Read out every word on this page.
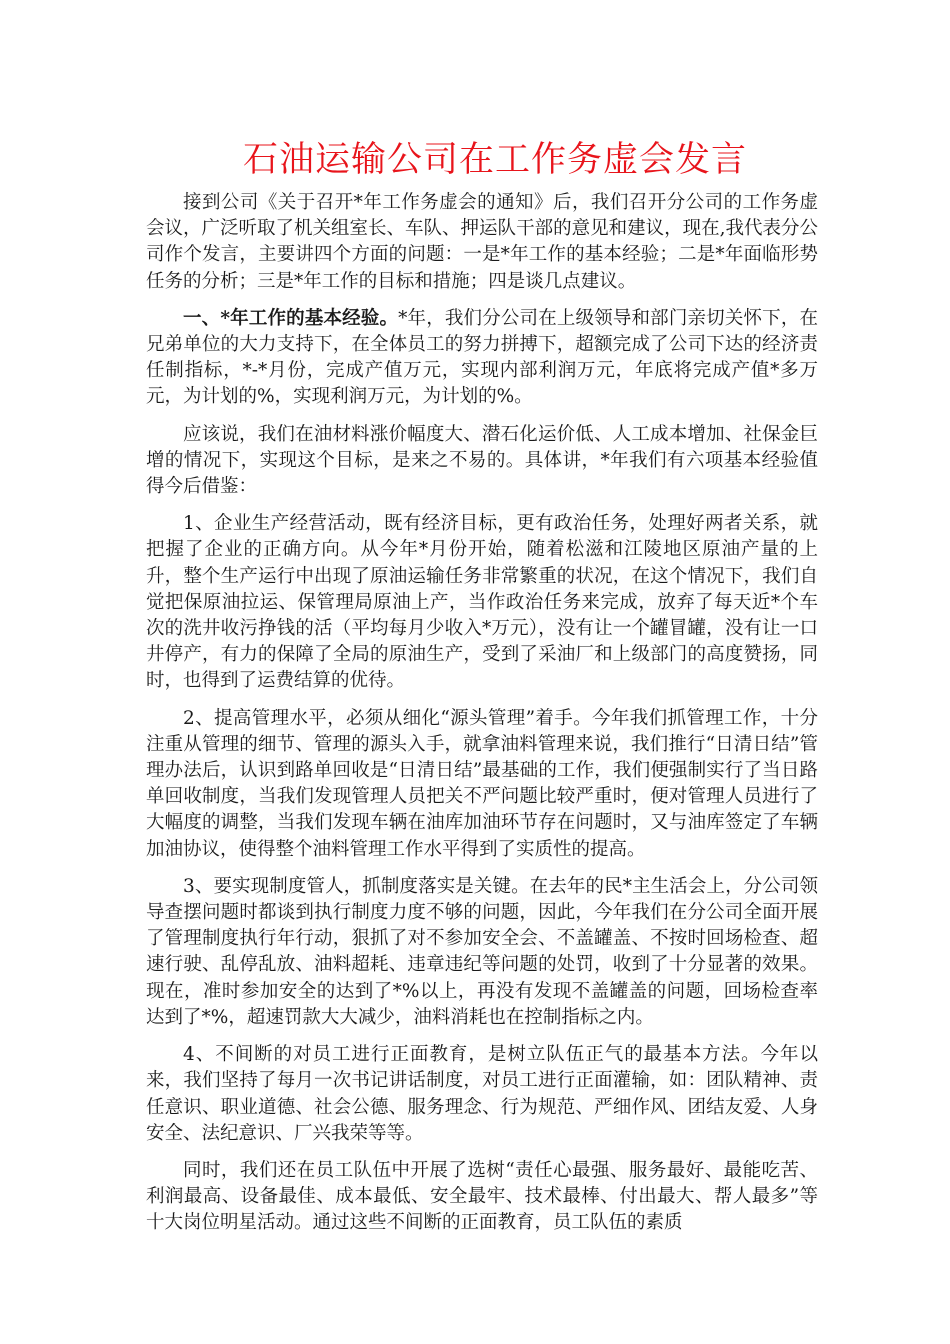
石油运输公司在工作务虚会发言

接到公司《关于召开*年工作务虚会的通知》后，我们召开分公司的工作务虚会议，广泛听取了机关组室长、车队、押运队干部的意见和建议，现在,我代表分公司作个发言，主要讲四个方面的问题：一是*年工作的基本经验；二是*年面临形势任务的分析；三是*年工作的目标和措施；四是谈几点建议。

一、*年工作的基本经验。*年，我们分公司在上级领导和部门亲切关怀下，在兄弟单位的大力支持下，在全体员工的努力拼搏下，超额完成了公司下达的经济责任制指标，*-*月份，完成产值万元，实现内部利润万元，年底将完成产值*多万元，为计划的%，实现利润万元，为计划的%。

应该说，我们在油材料涨价幅度大、潜石化运价低、人工成本增加、社保金巨增的情况下，实现这个目标，是来之不易的。具体讲，*年我们有六项基本经验值得今后借鉴：

1、企业生产经营活动，既有经济目标，更有政治任务，处理好两者关系，就把握了企业的正确方向。从今年*月份开始，随着松滋和江陵地区原油产量的上升，整个生产运行中出现了原油运输任务非常繁重的状况，在这个情况下，我们自觉把保原油拉运、保管理局原油上产，当作政治任务来完成，放弃了每天近*个车次的洗井收污挣钱的活（平均每月少收入*万元），没有让一个罐冒罐，没有让一口井停产，有力的保障了全局的原油生产，受到了采油厂和上级部门的高度赞扬，同时，也得到了运费结算的优待。

2、提高管理水平，必须从细化“源头管理”着手。今年我们抓管理工作，十分注重从管理的细节、管理的源头入手，就拿油料管理来说，我们推行“日清日结”管理办法后，认识到路单回收是“日清日结”最基础的工作，我们便强制实行了当日路单回收制度，当我们发现管理人员把关不严问题比较严重时，便对管理人员进行了大幅度的调整，当我们发现车辆在油库加油环节存在问题时，又与油库签定了车辆加油协议，使得整个油料管理工作水平得到了实质性的提高。

3、要实现制度管人，抓制度落实是关键。在去年的民*主生活会上，分公司领导查摆问题时都谈到执行制度力度不够的问题，因此，今年我们在分公司全面开展了管理制度执行年行动，狠抓了对不参加安全会、不盖罐盖、不按时回场检查、超速行驶、乱停乱放、油料超耗、违章违纪等问题的处罚，收到了十分显著的效果。现在，准时参加安全的达到了*%以上，再没有发现不盖罐盖的问题，回场检查率达到了*%，超速罚款大大减少，油料消耗也在控制指标之内。

4、不间断的对员工进行正面教育，是树立队伍正气的最基本方法。今年以来，我们坚持了每月一次书记讲话制度，对员工进行正面灌输，如：团队精神、责任意识、职业道德、社会公德、服务理念、行为规范、严细作风、团结友爱、人身安全、法纪意识、厂兴我荣等等。

同时，我们还在员工队伍中开展了选树“责任心最强、服务最好、最能吃苦、利润最高、设备最佳、成本最低、安全最牢、技术最棒、付出最大、帮人最多”等十大岗位明星活动。通过这些不间断的正面教育，员工队伍的素质
